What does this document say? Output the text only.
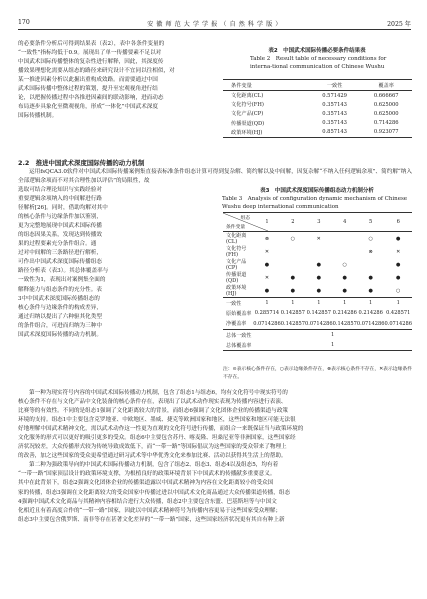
170	安 徽 师 范 大 学 学 报 （ 自 然 科 学 版 ）	2025 年

的必要条件分析后可得到结果表（表2），表中各条件变量的

“一致性”指标均低于0.9。展现出了单一传播要素不足以对

中国武术国际传播整体的复杂性进行解释，因此，其深度传

播效果理想化需要从组态的路径来研究设计不宜同以往相似，对

某一推进因素分析以此掘出重构成效路。而需要通过中国

武术国际传播中整体过程的策划，提升至宏观视角进行结

论，以把握传播过程中各推进因素间的联动影响，进而动态

布局逐步具象化至微观视角，形成“一体化”中国武术深度

国际传播机制。

2.2　推进中国武术深度国际传播的动力机制

运用fsQCA3.0软件对中国武术国际传播案例集直接表标准条件组态计算可得到复杂解、简约解以及中间解，因复杂解“不纳入任何逻辑余项”、简约解“纳入全部逻辑余项而不对其合理性加以评估”的局限性，故

选取可结合理论知识与实践经验对

重要逻辑余项纳入的中间解进行路

径解析[26]。同时，借助均解对其中

的核心条件与边缘条件加以鉴别，

更为完整地展现中国武术国际传播

的组态因果关系，发现达到传播效

果的过程要素充分条件组合。通

过对中间解的三条路径进行解析，

可作出中国武术深度国际传播组态

路径分析表（表3）。其总体覆盖率与

一致性为1，表现出对案例集全面的

解释能力与组态条件的充分性。表

3中中国武术深度国际传播组态的

核心条件与边缘条件的构成差异，

通过归纳以提出了六种驱其化类型

的条件组合，可进而归纳为三种中

国武术深度国际传播的动力机制。

表2　中国武术国际传播必要条件结果表
Table 2　Result table of necessary conditions for interna-tional communication of Chinese Wushu
条件变量	一致性	覆盖率
文化距离(CL)	0.571429	0.666667
文化符号(FH)	0.357143	0.625000
文化产品(CP)	0.357143	0.625000
传播渠道(QD)	0.357143	0.714286
政策环境(HJ)	0.857143	0.923077
表3　中国武术深度国际传播组态动力机制分析
Table 3　Analysis of configuration dynamic mechanism of Chinese Wushu deep international communication
组态
条件变量	1	2	3	4	5	6
文化距离(CL)	⊗	○	✕		○	●
文化符号(FH)	✕				⊗	✕
文化产品(CP)	●		●	○		●
传播渠道(QD)	✕	●	●	●	●	●
政策环境(HJ)	●	●	●	●	●	○
一致性	1	1	1	1	1	1
原始覆盖率	0.285714	0.142857	0.142857	0.214286	0.214286	0.428571
净覆盖率	0.0714286	0.142857	0.0714286	0.142857	0.0714286	0.0714286
总体一致性	1					
总体覆盖率	1					
注：⊙表示核心条件存在，○表示边缘条件存在，⊗表示核心条件不存在，✕表示边缘条件不存在。

第一种为现实符号内容的中国武术国际传播动力机制，包含了组态1与组态6，均有文化符号中现实符号的

核心条件不存在与文化产品中文化装备的核心条件存在，表现出了以武术动作现实表现为传播内容进行表演、

比赛等的有效性。不同的是组态1强调了文化距离较大的背景，而组态6强调了文化团体企业的传播渠道与政策

环境的支持。组态1中主要包含克罗地亚、中欧地区、墨威、捷克等欧洲国家和地区，这些国家和地区可能无法很

好地理解中国武术精神文化，需以武术动作这一性更为直观的文化符号进行传播，而组合一来既保证当与政策环境的

文化服务的形式可以更好的吸引更多的受众。组态6中主要包含苏丹、喀麦隆、坦桑尼亚等非洲国家，这些国家经

济状况较差，大众传播形式较为传统导致成效低下，而“一带一路”等国际倡议为这些国家的受众带来了物理上

的改善，加之这些国家的受众更希望通过研习武术等中华优秀文化来参加比赛、活动以获得其生活上的帮助。

第二种为强政策导向的中国武术国际传播动力机制，包含了组态2、组态3、组态4以及组态5，均有着

“一带一路”国家顶层设计的政策环境支撑，为根植良好的政策环境背景下中国武术的传播献多重要意义。

其中在此背景下，组态2强调文化团体企业的传播渠道露以中国武术精神为内容在文化距离较小的受众国

家的传播，组态3强调在文化距离较大的受众国家中传播过进以中国武术文化商品通过大众传播渠道传播，组态

4强调中国武术文化商品与其精神内容相结合进行大众传播，组态2中主要包含东盟、巴基斯坦等与中国文

化相近且有着高度合作的“一带一路”国家，因此以中国武术精神符号为传播内容更易于这些国家受众理解；

组态3中主要包含俄罗斯、南非等存在甚著文化差异的“一带一路”国家，这些国家经济状况更有其自有种上新
